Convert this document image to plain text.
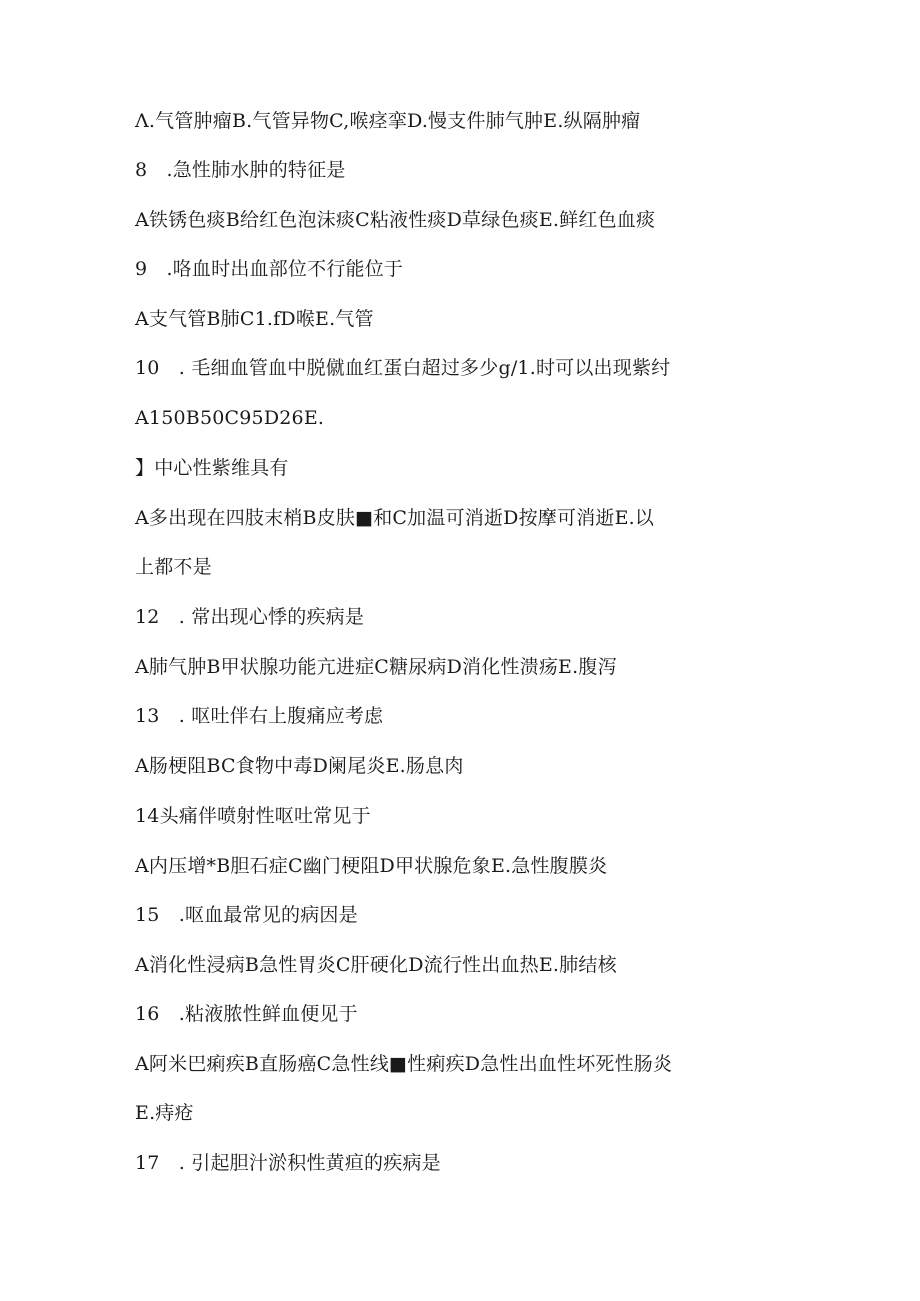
Λ.气管肿瘤B.气管异物C,喉痉挛D.慢支件肺气肿E.纵隔肿瘤
8　.急性肺水肿的特征是
A铁锈色痰B给红色泡沫痰C粘液性痰D草绿色痰E.鲜红色血痰
9　.咯血时出血部位不行能位于
A支气管B肺C1.fD喉E.气管
10　. 毛细血管血中脱僦血红蛋白超过多少g/1.时可以出现紫纣
A150B50C95D26E.
】中心性紫维具有
A多出现在四肢末梢B皮肤■和C加温可消逝D按摩可消逝E.以
上都不是
12　. 常出现心悸的疾病是
A肺气肿B甲状腺功能亢进症C糖尿病D消化性溃疡E.腹泻
13　. 呕吐伴右上腹痛应考虑
A肠梗阻BC食物中毒D阑尾炎E.肠息肉
14头痛伴喷射性呕吐常见于
A内压增*B胆石症C幽门梗阻D甲状腺危象E.急性腹膜炎
15　.呕血最常见的病因是
A消化性浸病B急性胃炎C肝硬化D流行性出血热E.肺结核
16　.粘液脓性鲜血便见于
A阿米巴痢疾B直肠癌C急性线■性痢疾D急性出血性坏死性肠炎
E.痔疮
17　. 引起胆汁淤积性黄疸的疾病是
